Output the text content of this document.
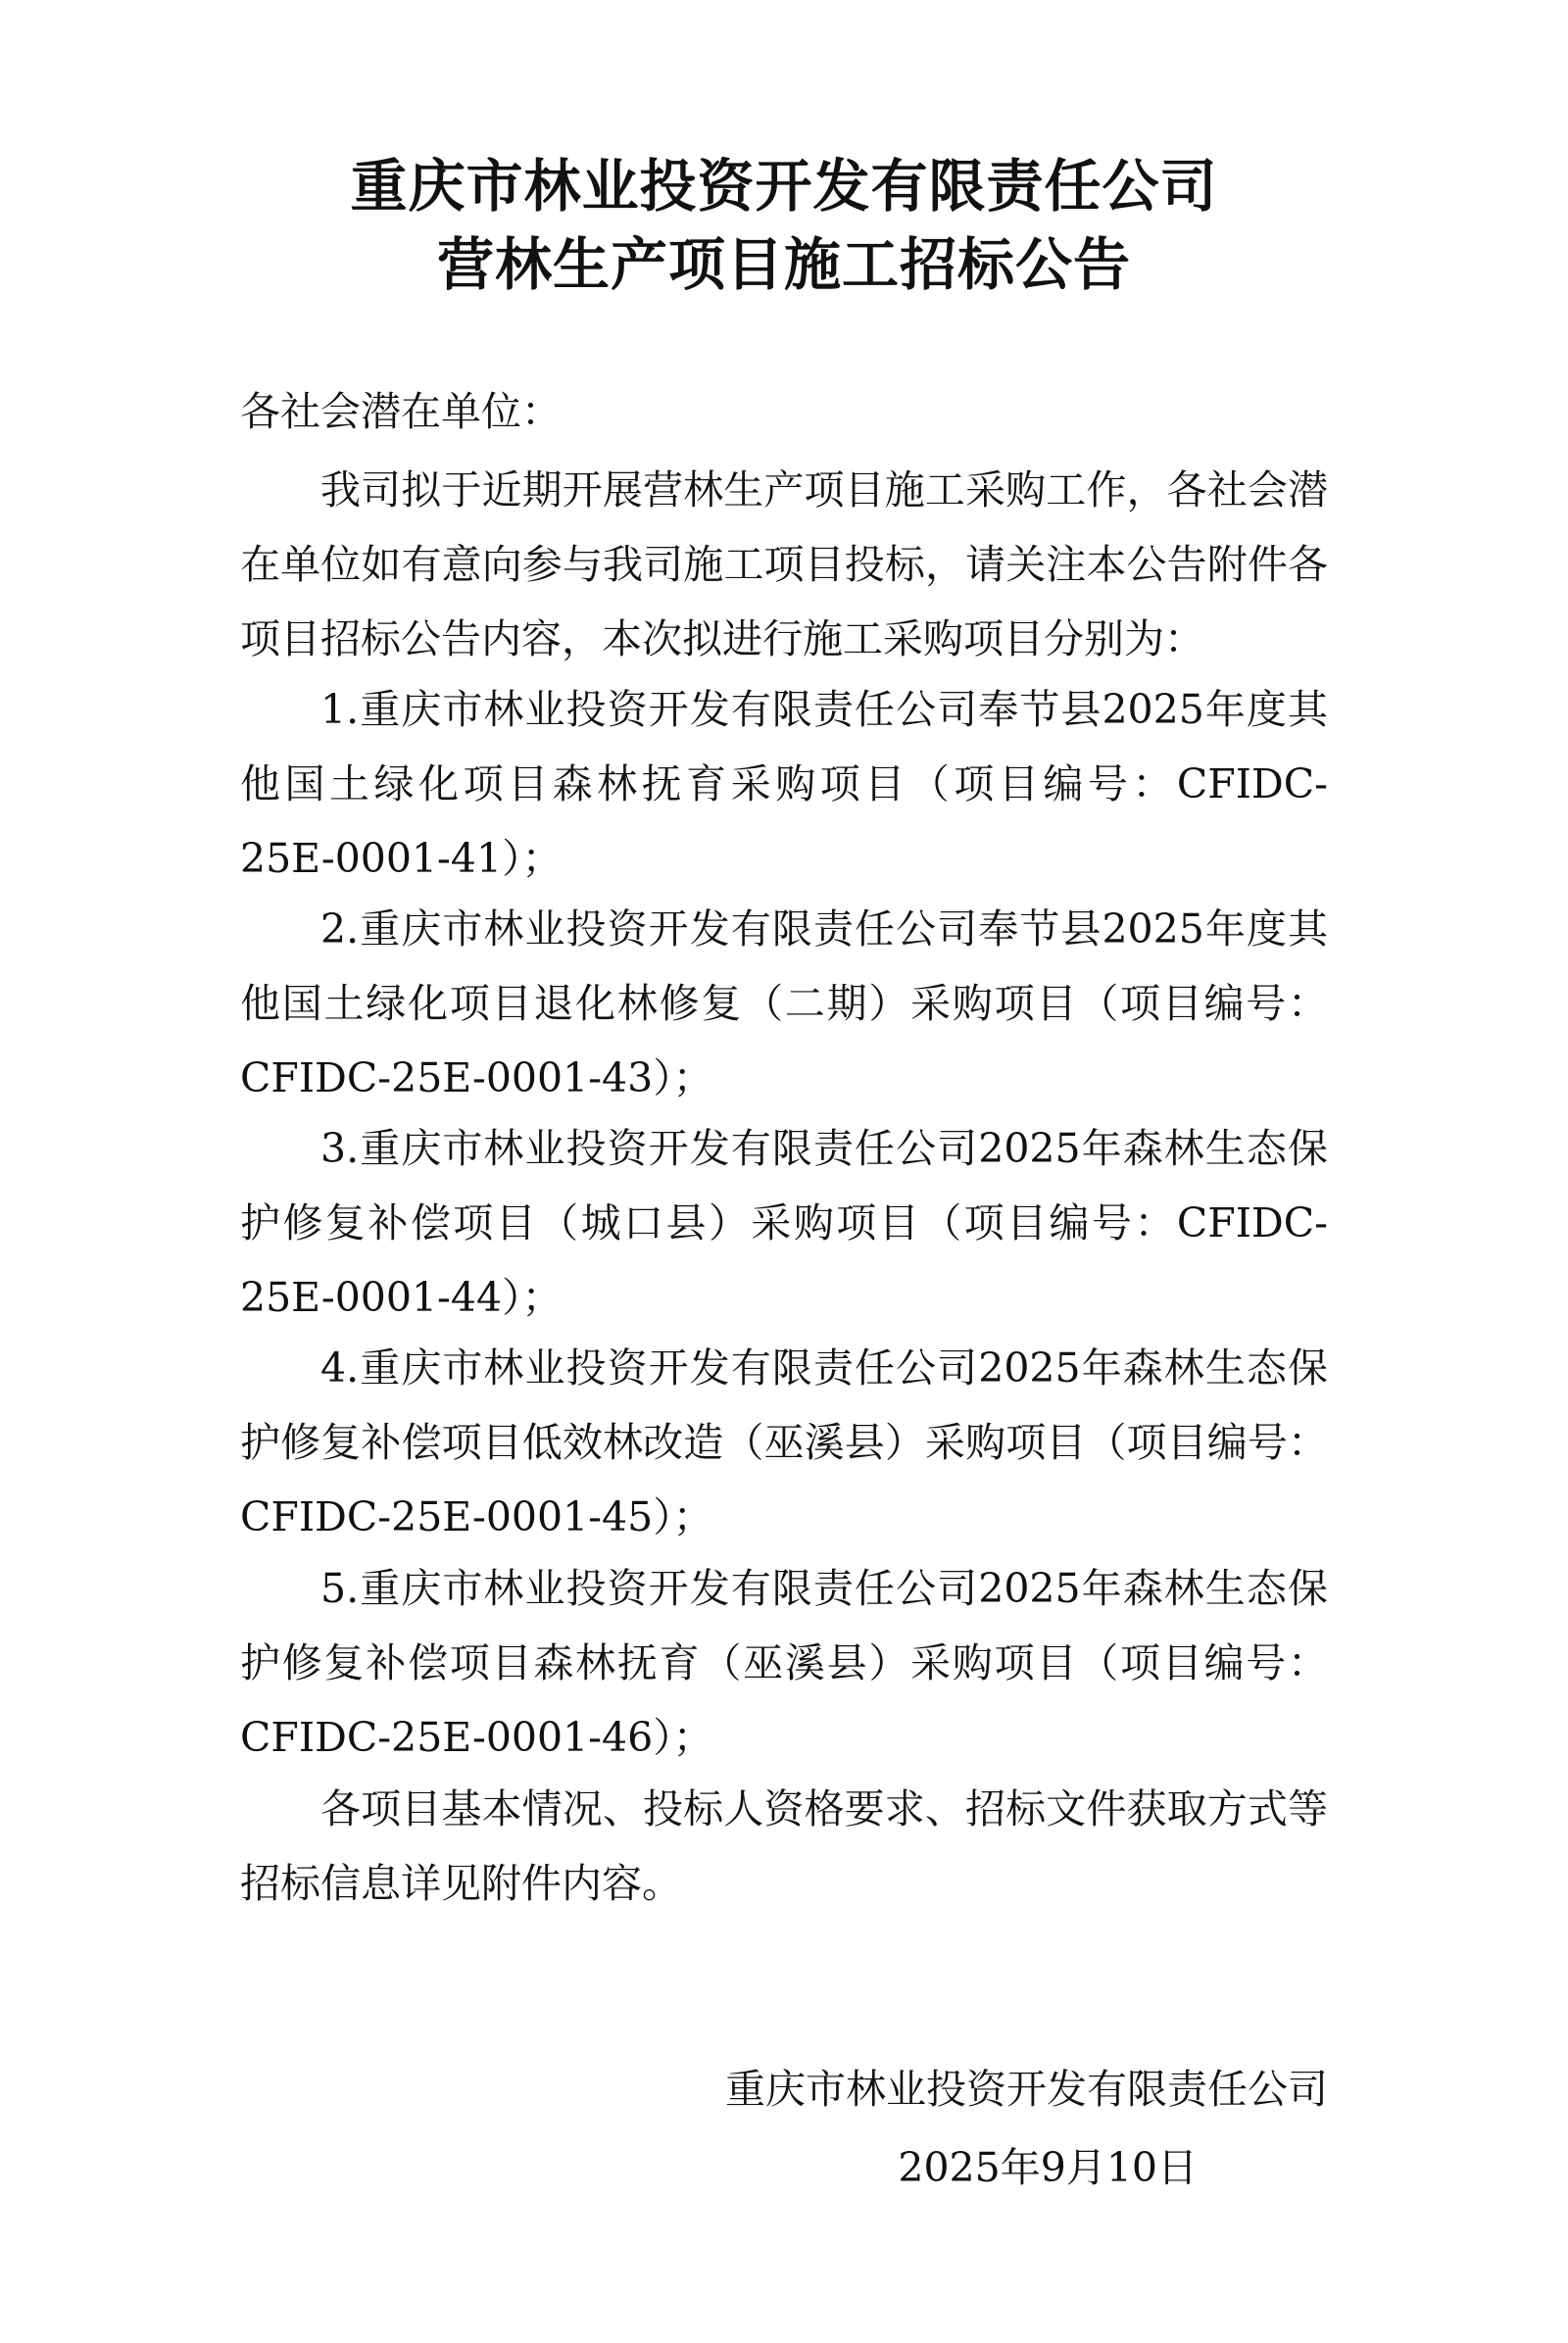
重庆市林业投资开发有限责任公司
营林生产项目施工招标公告
各社会潜在单位：
我司拟于近期开展营林生产项目施工采购工作，各社会潜在单位如有意向参与我司施工项目投标，请关注本公告附件各项目招标公告内容，本次拟进行施工采购项目分别为：
1.重庆市林业投资开发有限责任公司奉节县2025年度其他国土绿化项目森林抚育采购项目（项目编号：CFIDC-25E-0001-41）；
2.重庆市林业投资开发有限责任公司奉节县2025年度其他国土绿化项目退化林修复（二期）采购项目（项目编号：CFIDC-25E-0001-43）；
3.重庆市林业投资开发有限责任公司2025年森林生态保护修复补偿项目（城口县）采购项目（项目编号：CFIDC-25E-0001-44）；
4.重庆市林业投资开发有限责任公司2025年森林生态保护修复补偿项目低效林改造（巫溪县）采购项目（项目编号：CFIDC-25E-0001-45）；
5.重庆市林业投资开发有限责任公司2025年森林生态保护修复补偿项目森林抚育（巫溪县）采购项目（项目编号：CFIDC-25E-0001-46）；
各项目基本情况、投标人资格要求、招标文件获取方式等招标信息详见附件内容。
重庆市林业投资开发有限责任公司
2025年9月10日
